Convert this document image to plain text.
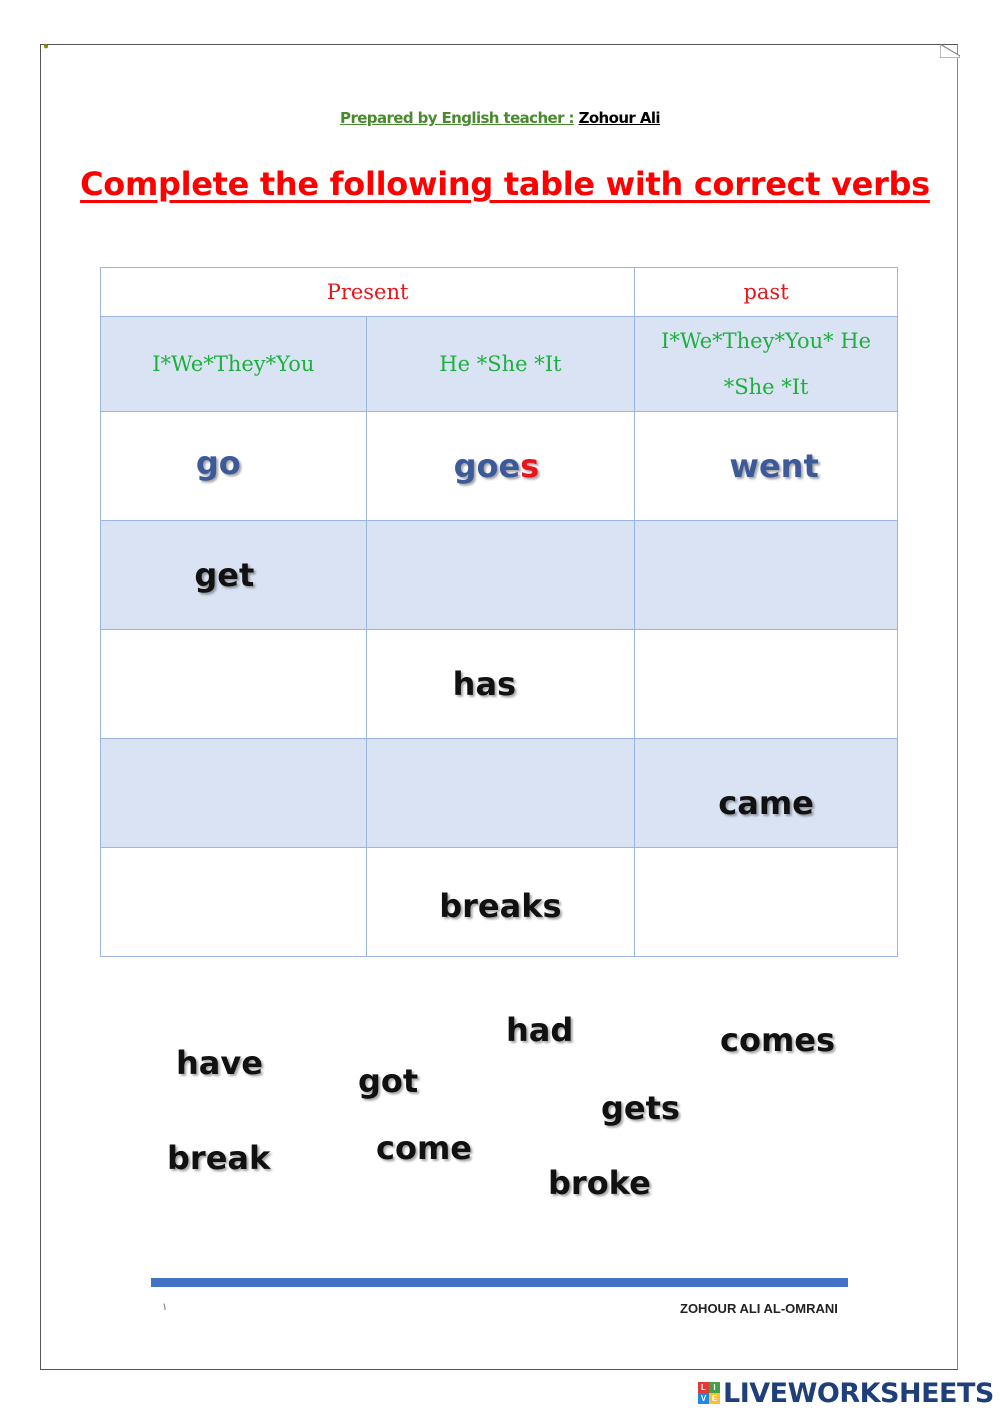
●
Prepared by English teacher : Zohour Ali
Complete the following table with correct verbs
Present		past
I*We*They*You	He *She *It	I*We*They*You* He *She *It

go	goes	went
get		
	has	
		came
	breaks	
have	got
had	comes
gets
break	come
broke
١	ZOHOUR ALI AL-OMRANI
L I
V E LIVEWORKSHEETS
